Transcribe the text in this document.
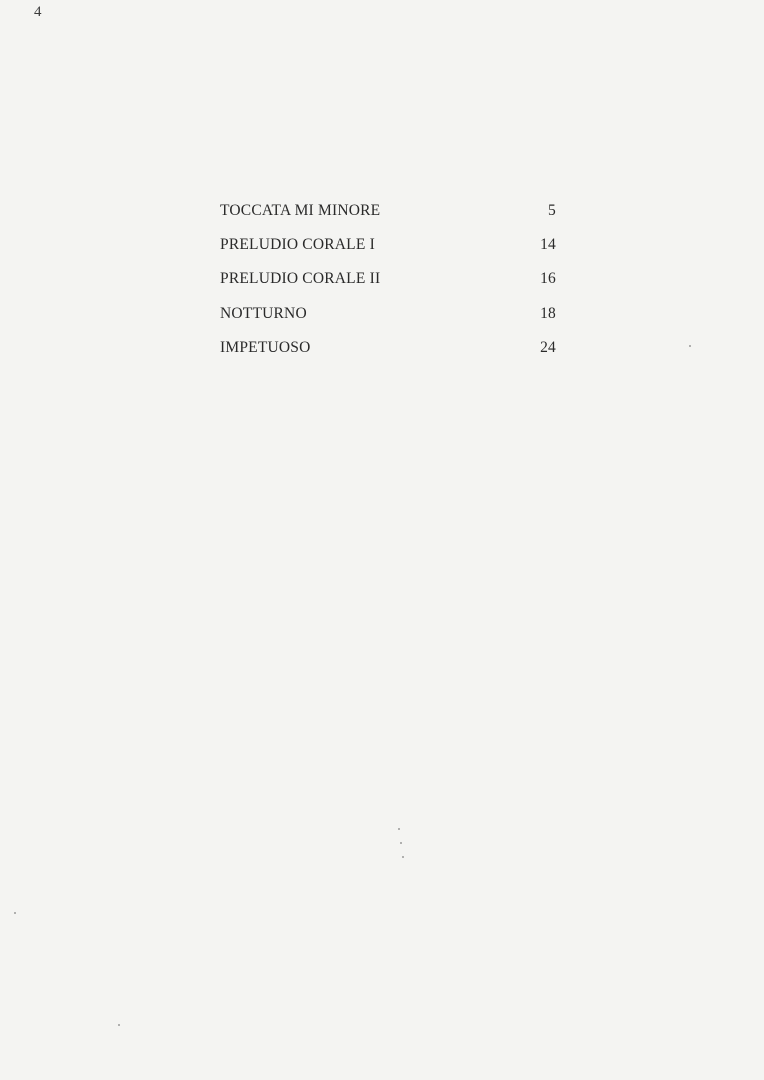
4
TOCCATA MI MINORE	5
PRELUDIO CORALE I	14
PRELUDIO CORALE II	16
NOTTURNO	18
IMPETUOSO	24
